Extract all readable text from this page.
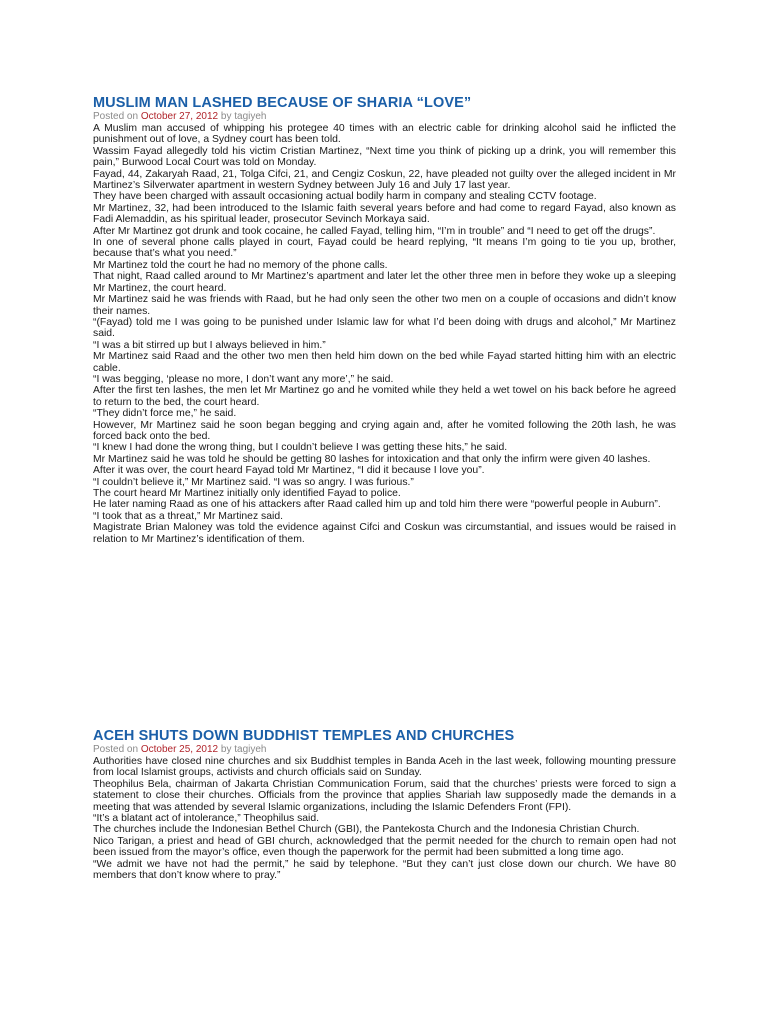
MUSLIM MAN LASHED BECAUSE OF SHARIA “LOVE”
Posted on October 27, 2012 by tagiyeh

A Muslim man accused of whipping his protegee 40 times with an electric cable for drinking alcohol said he inflicted the punishment out of love, a Sydney court has been told.

Wassim Fayad allegedly told his victim Cristian Martinez, “Next time you think of picking up a drink, you will remember this pain,” Burwood Local Court was told on Monday.

Fayad, 44, Zakaryah Raad, 21, Tolga Cifci, 21, and Cengiz Coskun, 22, have pleaded not guilty over the alleged incident in Mr Martinez’s Silverwater apartment in western Sydney between July 16 and July 17 last year.

They have been charged with assault occasioning actual bodily harm in company and stealing CCTV footage.

Mr Martinez, 32, had been introduced to the Islamic faith several years before and had come to regard Fayad, also known as Fadi Alemaddin, as his spiritual leader, prosecutor Sevinch Morkaya said.

After Mr Martinez got drunk and took cocaine, he called Fayad, telling him, “I’m in trouble” and “I need to get off the drugs”.

In one of several phone calls played in court, Fayad could be heard replying, “It means I’m going to tie you up, brother, because that’s what you need.”

Mr Martinez told the court he had no memory of the phone calls.

That night, Raad called around to Mr Martinez’s apartment and later let the other three men in before they woke up a sleeping Mr Martinez, the court heard.

Mr Martinez said he was friends with Raad, but he had only seen the other two men on a couple of occasions and didn’t know their names.

“(Fayad) told me I was going to be punished under Islamic law for what I’d been doing with drugs and alcohol,” Mr Martinez said.

“I was a bit stirred up but I always believed in him.”

Mr Martinez said Raad and the other two men then held him down on the bed while Fayad started hitting him with an electric cable.

“I was begging, ‘please no more, I don’t want any more’,” he said.

After the first ten lashes, the men let Mr Martinez go and he vomited while they held a wet towel on his back before he agreed to return to the bed, the court heard.

“They didn’t force me,” he said.

However, Mr Martinez said he soon began begging and crying again and, after he vomited following the 20th lash, he was forced back onto the bed.

“I knew I had done the wrong thing, but I couldn’t believe I was getting these hits,” he said.

Mr Martinez said he was told he should be getting 80 lashes for intoxication and that only the infirm were given 40 lashes.

After it was over, the court heard Fayad told Mr Martinez, “I did it because I love you”.

“I couldn’t believe it,” Mr Martinez said. “I was so angry. I was furious.”

The court heard Mr Martinez initially only identified Fayad to police.

He later naming Raad as one of his attackers after Raad called him up and told him there were “powerful people in Auburn”.

“I took that as a threat,” Mr Martinez said.

Magistrate Brian Maloney was told the evidence against Cifci and Coskun was circumstantial, and issues would be raised in relation to Mr Martinez’s identification of them.

ACEH SHUTS DOWN BUDDHIST TEMPLES AND CHURCHES
Posted on October 25, 2012 by tagiyeh

Authorities have closed nine churches and six Buddhist temples in Banda Aceh in the last week, following mounting pressure from local Islamist groups, activists and church officials said on Sunday.

Theophilus Bela, chairman of Jakarta Christian Communication Forum, said that the churches’ priests were forced to sign a statement to close their churches. Officials from the province that applies Shariah law supposedly made the demands in a meeting that was attended by several Islamic organizations, including the Islamic Defenders Front (FPI).

“It’s a blatant act of intolerance,” Theophilus said.

The churches include the Indonesian Bethel Church (GBI), the Pantekosta Church and the Indonesia Christian Church.

Nico Tarigan, a priest and head of GBI church, acknowledged that the permit needed for the church to remain open had not been issued from the mayor’s office, even though the paperwork for the permit had been submitted a long time ago.

“We admit we have not had the permit,” he said by telephone. “But they can’t just close down our church. We have 80 members that don’t know where to pray.”
